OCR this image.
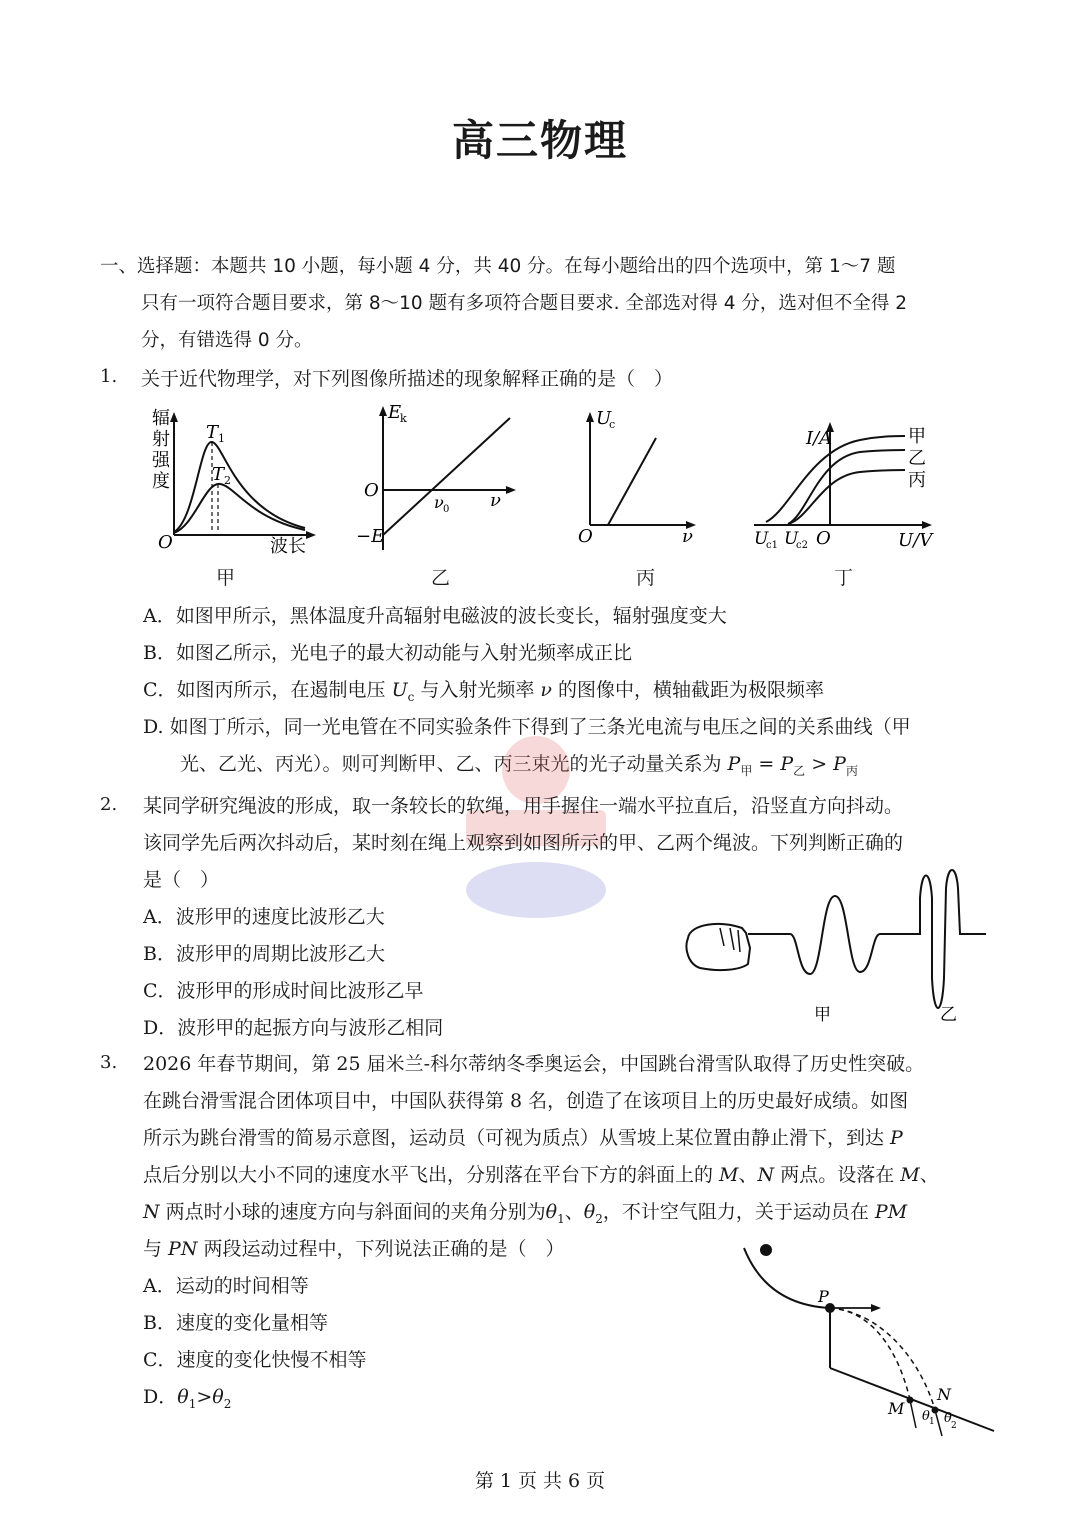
高三物理
一、选择题：本题共 10 小题，每小题 4 分，共 40 分。在每小题给出的四个选项中，第 1～7 题
只有一项符合题目要求，第 8～10 题有多项符合题目要求. 全部选对得 4 分，选对但不全得 2
分，有错选得 0 分。
1. 关于近代物理学，对下列图像所描述的现象解释正确的是（　）
辐
射
强
度
T 1
T 2
O	波长
甲
E
k
O
ν 0 ν
−E
乙
U
c
O	ν
丙
I/A	甲
乙
丙
U
c1 U
c2 O	U/V
丁
A．如图甲所示，黑体温度升高辐射电磁波的波长变长，辐射强度变大
B．如图乙所示，光电子的最大初动能与入射光频率成正比
C．如图丙所示，在遏制电压 $U_c$ 与入射光频率 ν 的图像中，横轴截距为极限频率
D. 如图丁所示，同一光电管在不同实验条件下得到了三条光电流与电压之间的关系曲线（甲
光、乙光、丙光）。则可判断甲、乙、丙三束光的光子动量关系为 $P_甲 = P_乙 > P_丙$
2. 某同学研究绳波的形成，取一条较长的软绳，用手握住一端水平拉直后，沿竖直方向抖动。
该同学先后两次抖动后，某时刻在绳上观察到如图所示的甲、乙两个绳波。下列判断正确的
是（　）
A．波形甲的速度比波形乙大
B．波形甲的周期比波形乙大
C．波形甲的形成时间比波形乙早
D．波形甲的起振方向与波形乙相同
甲	乙
3. 2026 年春节期间，第 25 届米兰-科尔蒂纳冬季奥运会，中国跳台滑雪队取得了历史性突破。
在跳台滑雪混合团体项目中，中国队获得第 8 名，创造了在该项目上的历史最好成绩。如图
所示为跳台滑雪的简易示意图，运动员（可视为质点）从雪坡上某位置由静止滑下，到达 P
点后分别以大小不同的速度水平飞出，分别落在平台下方的斜面上的 M、N 两点。设落在 M、
N 两点时小球的速度方向与斜面间的夹角分别为$\theta_1$、$\theta_2$，不计空气阻力，关于运动员在 PM
与 PN 两段运动过程中，下列说法正确的是（　）
A．运动的时间相等
B．速度的变化量相等
C．速度的变化快慢不相等
D．$\theta_1>\theta_2$
P
M
N
θ 1 θ 2
第 1 页 共 6 页
